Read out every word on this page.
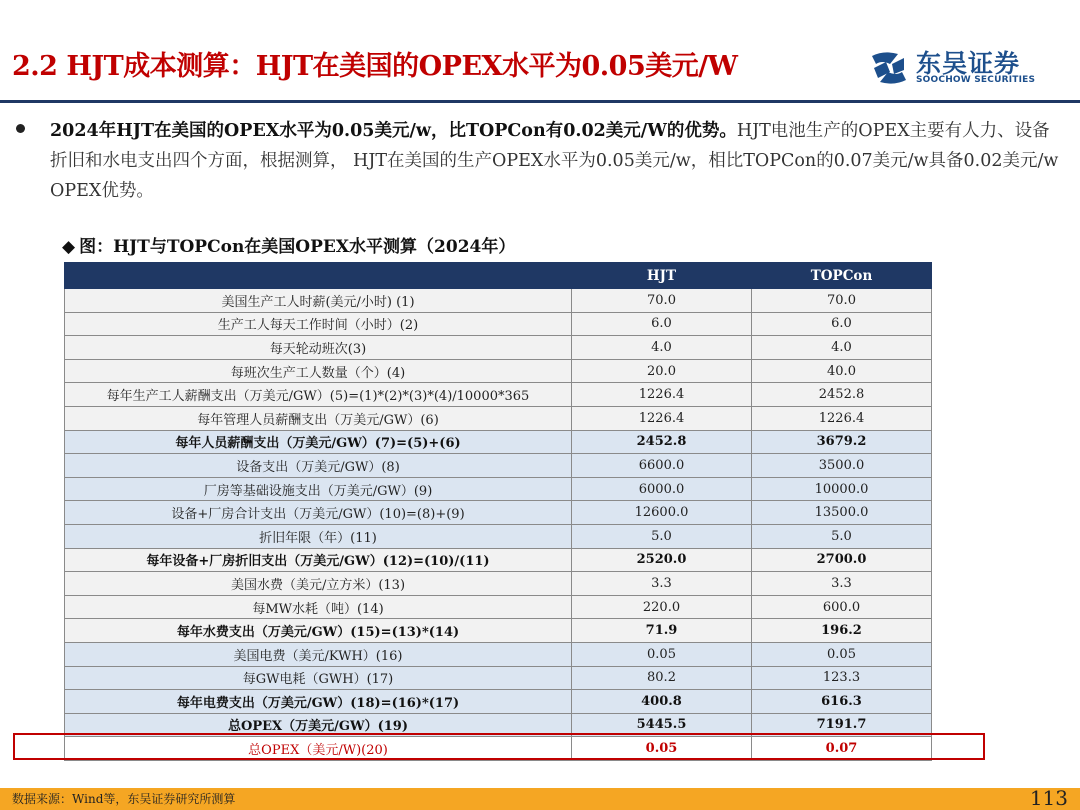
2.2 HJT成本测算：HJT在美国的OPEX水平为0.05美元/W	东吴证券
SOOCHOW SECURITIES
2024年HJT在美国的OPEX水平为0.05美元/w，比TOPCon有0.02美元/W的优势。HJT电池生产的OPEX主要有人力、设备折旧和水电支出四个方面，根据测算， HJT在美国的生产OPEX水平为0.05美元/w，相比TOPCon的0.07美元/w具备0.02美元/w OPEX优势。
◆ 图：HJT与TOPCon在美国OPEX水平测算（2024年）
	HJT	TOPCon
美国生产工人时薪(美元/小时) (1)	70.0	70.0
生产工人每天工作时间（小时）(2)	6.0	6.0
每天轮动班次(3)	4.0	4.0
每班次生产工人数量（个）(4)	20.0	40.0
每年生产工人薪酬支出（万美元/GW）(5)=(1)*(2)*(3)*(4)/10000*365	1226.4	2452.8
每年管理人员薪酬支出（万美元/GW）(6)	1226.4	1226.4
每年人员薪酬支出（万美元/GW）(7)=(5)+(6)	2452.8	3679.2
设备支出（万美元/GW）(8)	6600.0	3500.0
厂房等基础设施支出（万美元/GW）(9)	6000.0	10000.0
设备+厂房合计支出（万美元/GW）(10)=(8)+(9)	12600.0	13500.0
折旧年限（年）(11)	5.0	5.0
每年设备+厂房折旧支出（万美元/GW）(12)=(10)/(11)	2520.0	2700.0
美国水费（美元/立方米）(13)	3.3	3.3
每MW水耗（吨）(14)	220.0	600.0
每年水费支出（万美元/GW）(15)=(13)*(14)	71.9	196.2
美国电费（美元/KWH）(16)	0.05	0.05
每GW电耗（GWH）(17)	80.2	123.3
每年电费支出（万美元/GW）(18)=(16)*(17)	400.8	616.3
总OPEX（万美元/GW）(19)	5445.5	7191.7
总OPEX（美元/W)(20)	0.05	0.07
数据来源：Wind等，东吴证券研究所测算	113
